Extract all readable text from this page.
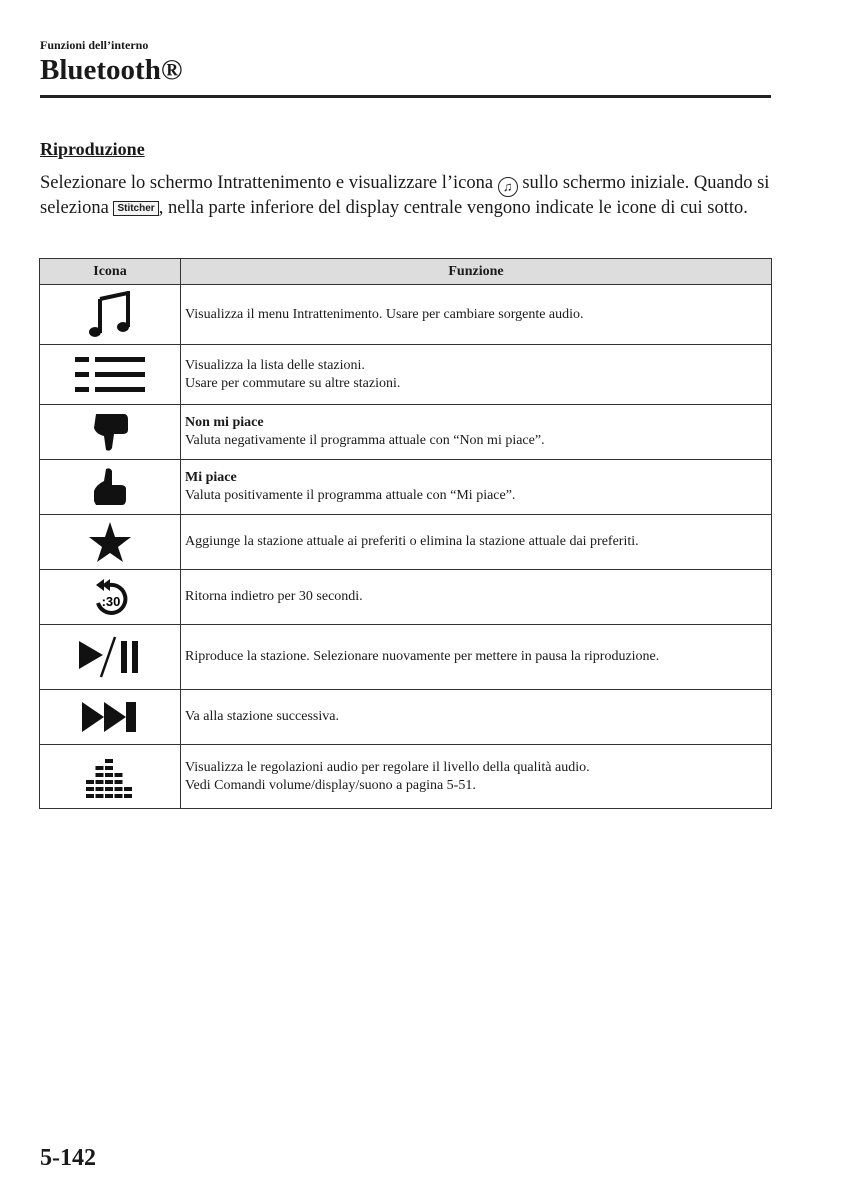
Funzioni dell’interno
Bluetooth®
Riproduzione
Selezionare lo schermo Intrattenimento e visualizzare l’icona ♫ sullo schermo iniziale. Quando si seleziona Stitcher , nella parte inferiore del display centrale vengono indicate le icone di cui sotto.
Icona	Funzione

Visualizza il menu Intrattenimento. Usare per cambiare sorgente audio.

Visualizza la lista delle stazioni.
Usare per commutare su altre stazioni.

	Non mi piace
Valuta negativamente il programma attuale con “Non mi piace”.

	Mi piace
Valuta positivamente il programma attuale con “Mi piace”.

Aggiunge la stazione attuale ai preferiti o elimina la stazione attuale dai preferiti.

:30	Ritorna indietro per 30 secondi.

Riproduce la stazione. Selezionare nuovamente per mettere in pausa la riproduzione.

Va alla stazione successiva.

Visualizza le regolazioni audio per regolare il livello della qualità audio.
Vedi Comandi volume/display/suono a pagina 5-51.
5-142
